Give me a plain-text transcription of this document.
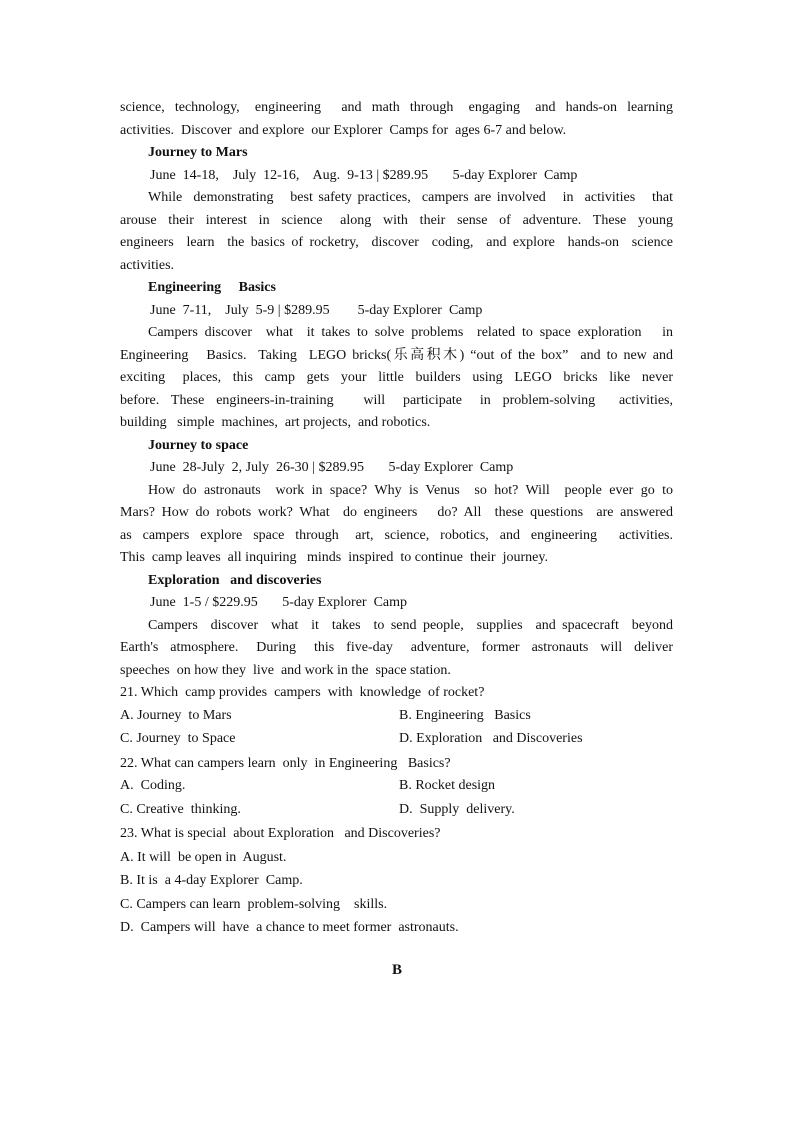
science,  technology,   engineering    and  math  through   engaging   and  hands-on  learning
activities.  Discover  and explore  our Explorer  Camps for  ages 6-7 and below.
Journey to Mars
June  14-18,    July  12-16,    Aug.  9-13 | $289.95       5-day Explorer  Camp
While  demonstrating   best safety practices,  campers are involved   in  activities   that
arouse  their  interest  in  science   along  with  their  sense  of  adventure.  These  young
engineers  learn  the basics of rocketry,  discover  coding,  and explore  hands-on  science
activities.
Engineering     Basics
June  7-11,    July  5-9 | $289.95        5-day Explorer  Camp
Campers discover  what  it takes to solve problems  related to space exploration   in
Engineering   Basics.  Taking  LEGO bricks(乐高积木) “out of the box”  and to new and
exciting   places,  this  camp  gets  your  little  builders  using  LEGO  bricks  like  never
before.  These  engineers-in-training     will   participate   in  problem-solving    activities,
building   simple  machines,  art projects,  and robotics.
Journey to space
June  28-July  2, July  26-30 | $289.95       5-day Explorer  Camp
How do astronauts  work in space? Why is Venus  so hot? Will  people ever go to
Mars? How do robots work? What  do engineers   do? All  these questions  are answered
as  campers  explore  space  through   art,  science,  robotics,  and  engineering    activities.
This  camp leaves  all inquiring   minds  inspired  to continue  their  journey.
Exploration   and discoveries
June  1-5 / $229.95       5-day Explorer  Camp
Campers  discover  what  it  takes  to send people,  supplies  and spacecraft  beyond
Earth's  atmosphere.   During   this  five-day   adventure,  former  astronauts  will  deliver
speeches  on how they  live  and work in the  space station.
21. Which  camp provides  campers  with  knowledge  of rocket?
A. Journey  to Mars	B. Engineering   Basics
C. Journey  to Space	D. Exploration   and Discoveries
22. What can campers learn  only  in Engineering   Basics?
A.  Coding.	B. Rocket design
C. Creative  thinking.	D.  Supply  delivery.
23. What is special  about Exploration   and Discoveries?
A. It will  be open in  August.
B. It is  a 4-day Explorer  Camp.
C. Campers can learn  problem-solving    skills.
D.  Campers will  have  a chance to meet former  astronauts.
B
